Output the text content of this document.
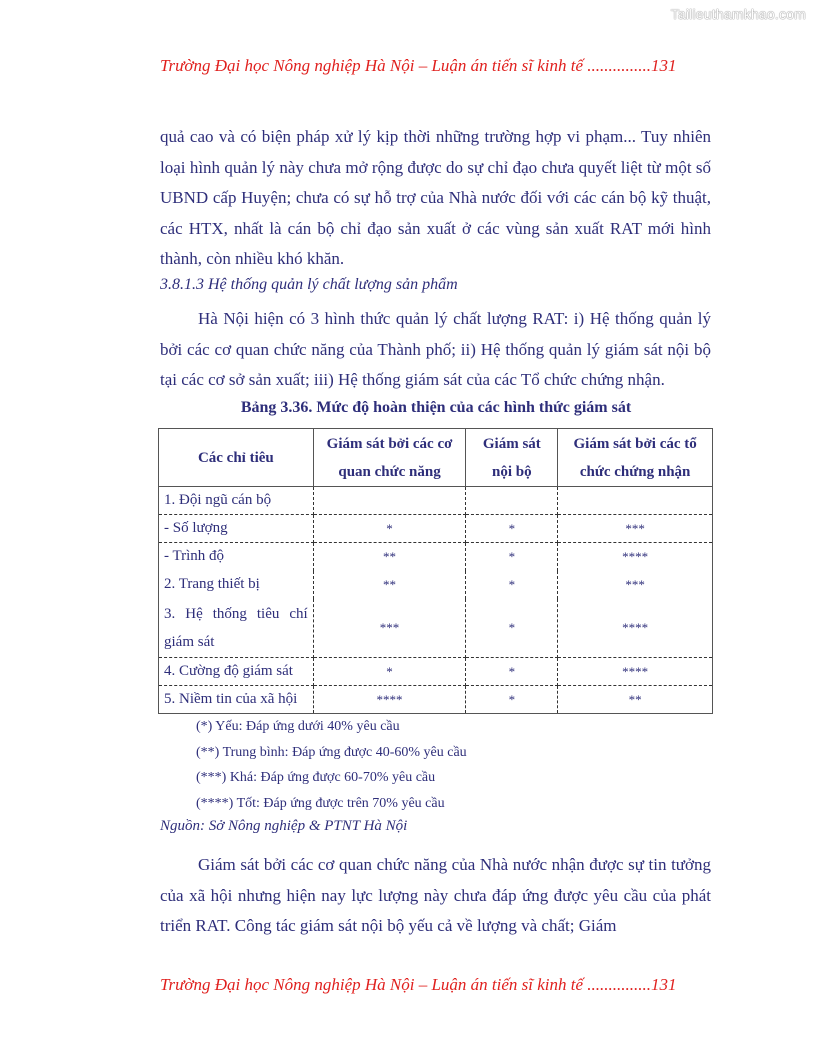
Tailieuthamkhao.com
Trường Đại học Nông nghiệp Hà Nội – Luận án tiến sĩ kinh tế ...............131

quả cao và có biện pháp xử lý kịp thời những trường hợp vi phạm... Tuy nhiên loại hình quản lý này chưa mở rộng được do sự chỉ đạo chưa quyết liệt từ một số UBND cấp Huyện; chưa có sự hỗ trợ của Nhà nước đối với các cán bộ kỹ thuật, các HTX, nhất là cán bộ chỉ đạo sản xuất ở các vùng sản xuất RAT mới hình thành, còn nhiều khó khăn.

3.8.1.3 Hệ thống quản lý chất lượng sản phẩm

Hà Nội hiện có 3 hình thức quản lý chất lượng RAT: i) Hệ thống quản lý bởi các cơ quan chức năng của Thành phố; ii) Hệ thống quản lý giám sát nội bộ tại các cơ sở sản xuất; iii) Hệ thống giám sát của các Tổ chức chứng nhận.

Bảng 3.36. Mức độ hoàn thiện của các hình thức giám sát

Các chỉ tiêu	Giám sát bởi các cơ quan chức năng	Giám sát nội bộ	Giám sát bởi các tổ chức chứng nhận
1. Đội ngũ cán bộ			
- Số lượng	*	*	***
- Trình độ	**	*	****
2. Trang thiết bị	**	*	***
3. Hệ thống tiêu chí giám sát	***	*	****
4. Cường độ giám sát	*	*	****
5. Niềm tin của xã hội	****	*	**
(*) Yếu: Đáp ứng dưới 40% yêu cầu
(**) Trung bình: Đáp ứng được 40-60% yêu cầu
(***) Khá: Đáp ứng được 60-70% yêu cầu
(****) Tốt: Đáp ứng được trên 70% yêu cầu

Nguồn: Sở Nông nghiệp & PTNT Hà Nội

Giám sát bởi các cơ quan chức năng của Nhà nước nhận được sự tin tưởng của xã hội nhưng hiện nay lực lượng này chưa đáp ứng được yêu cầu của phát triển RAT. Công tác giám sát nội bộ yếu cả về lượng và chất; Giám

Trường Đại học Nông nghiệp Hà Nội – Luận án tiến sĩ kinh tế ...............131
